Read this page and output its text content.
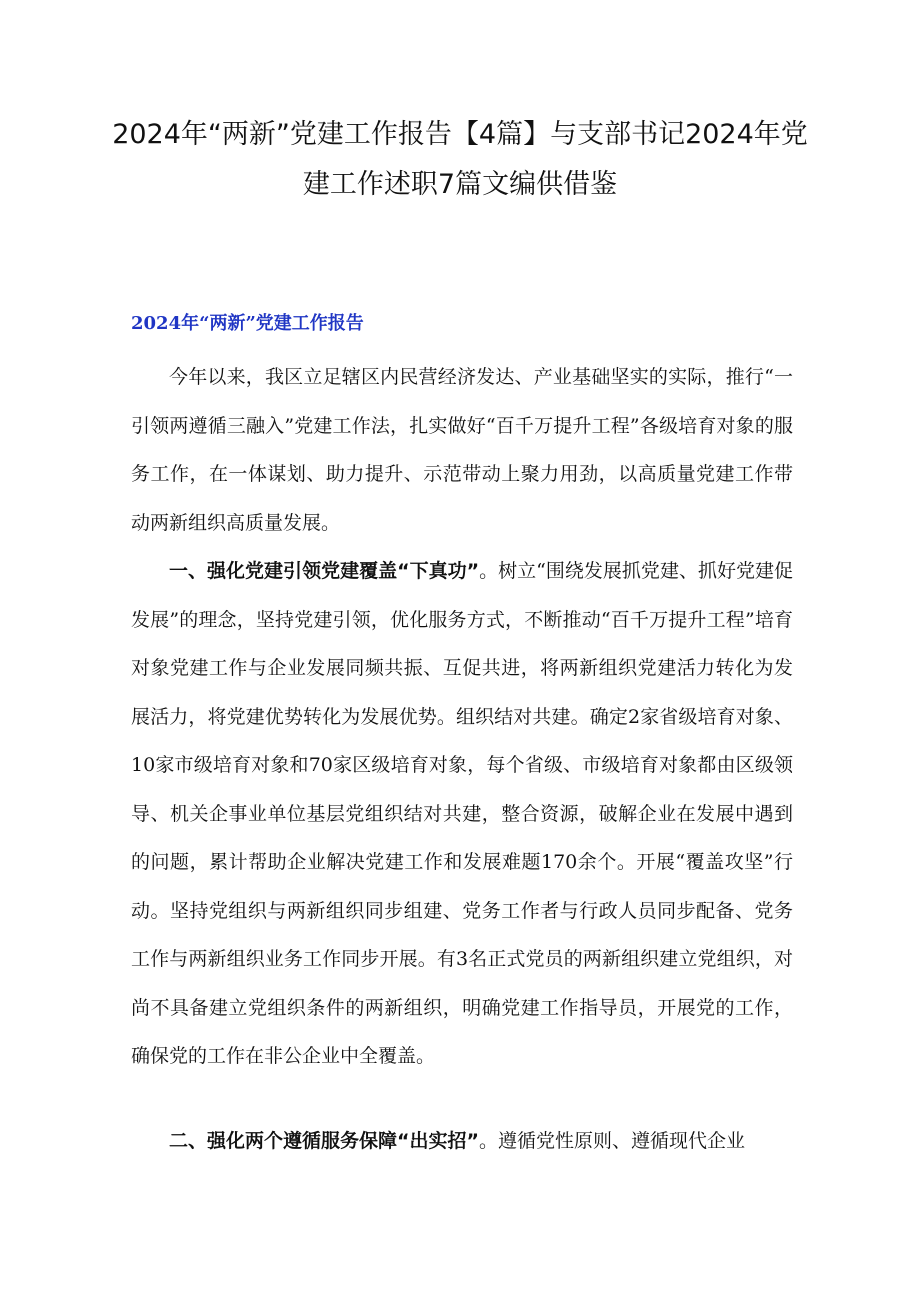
2024年“两新”党建工作报告【4篇】与支部书记2024年党建工作述职7篇文编供借鉴
2024年“两新”党建工作报告

今年以来，我区立足辖区内民营经济发达、产业基础坚实的实际，推行“一引领两遵循三融入”党建工作法，扎实做好“百千万提升工程”各级培育对象的服务工作，在一体谋划、助力提升、示范带动上聚力用劲，以高质量党建工作带动两新组织高质量发展。

一、强化党建引领党建覆盖“下真功”。树立“围绕发展抓党建、抓好党建促发展”的理念，坚持党建引领，优化服务方式，不断推动“百千万提升工程”培育对象党建工作与企业发展同频共振、互促共进，将两新组织党建活力转化为发展活力，将党建优势转化为发展优势。组织结对共建。确定2家省级培育对象、10家市级培育对象和70家区级培育对象，每个省级、市级培育对象都由区级领导、机关企事业单位基层党组织结对共建，整合资源，破解企业在发展中遇到的问题，累计帮助企业解决党建工作和发展难题170余个。开展“覆盖攻坚”行动。坚持党组织与两新组织同步组建、党务工作者与行政人员同步配备、党务工作与两新组织业务工作同步开展。有3名正式党员的两新组织建立党组织，对尚不具备建立党组织条件的两新组织，明确党建工作指导员，开展党的工作，确保党的工作在非公企业中全覆盖。

二、强化两个遵循服务保障“出实招”。遵循党性原则、遵循现代企业
